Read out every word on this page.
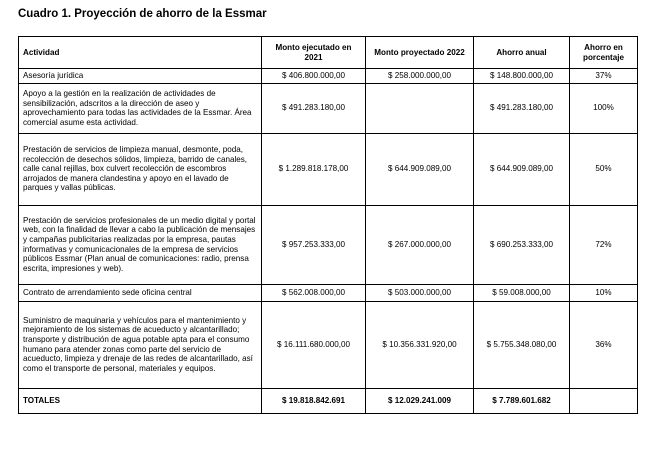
Cuadro 1. Proyección de ahorro de la Essmar
Actividad	Monto ejecutado en 2021	Monto proyectado 2022	Ahorro anual	Ahorro en porcentaje
Asesoría jurídica	$ 406.800.000,00	$ 258.000.000,00	$ 148.800.000,00	37%
Apoyo a la gestión en la realización de actividades de sensibilización, adscritos a la dirección de aseo y aprovechamiento para todas las actividades de la Essmar. Área comercial asume esta actividad.	$ 491.283.180,00		$ 491.283.180,00	100%
Prestación de servicios de limpieza manual, desmonte, poda, recolección de desechos sólidos, limpieza, barrido de canales, calle canal rejillas, box culvert recolección de escombros arrojados de manera clandestina y apoyo en el lavado de parques y vallas públicas.	$ 1.289.818.178,00	$ 644.909.089,00	$ 644.909.089,00	50%
Prestación de servicios profesionales de un medio digital y portal web, con la finalidad de llevar a cabo la publicación de mensajes y campañas publicitarias realizadas por la empresa, pautas informativas y comunicacionales de la empresa de servicios públicos Essmar (Plan anual de comunicaciones: radio, prensa escrita, impresiones y web).	$ 957.253.333,00	$ 267.000.000,00	$ 690.253.333,00	72%
Contrato de arrendamiento sede oficina central	$ 562.008.000,00	$ 503.000.000,00	$ 59.008.000,00	10%
Suministro de maquinaria y vehículos para el mantenimiento y mejoramiento de los sistemas de acueducto y alcantarillado; transporte y distribución de agua potable apta para el consumo humano para atender zonas como parte del servicio de acueducto, limpieza y drenaje de las redes de alcantarillado, así como el transporte de personal, materiales y equipos.	$ 16.111.680.000,00	$ 10.356.331.920,00	$ 5.755.348.080,00	36%
TOTALES	$ 19.818.842.691	$ 12.029.241.009	$ 7.789.601.682	
